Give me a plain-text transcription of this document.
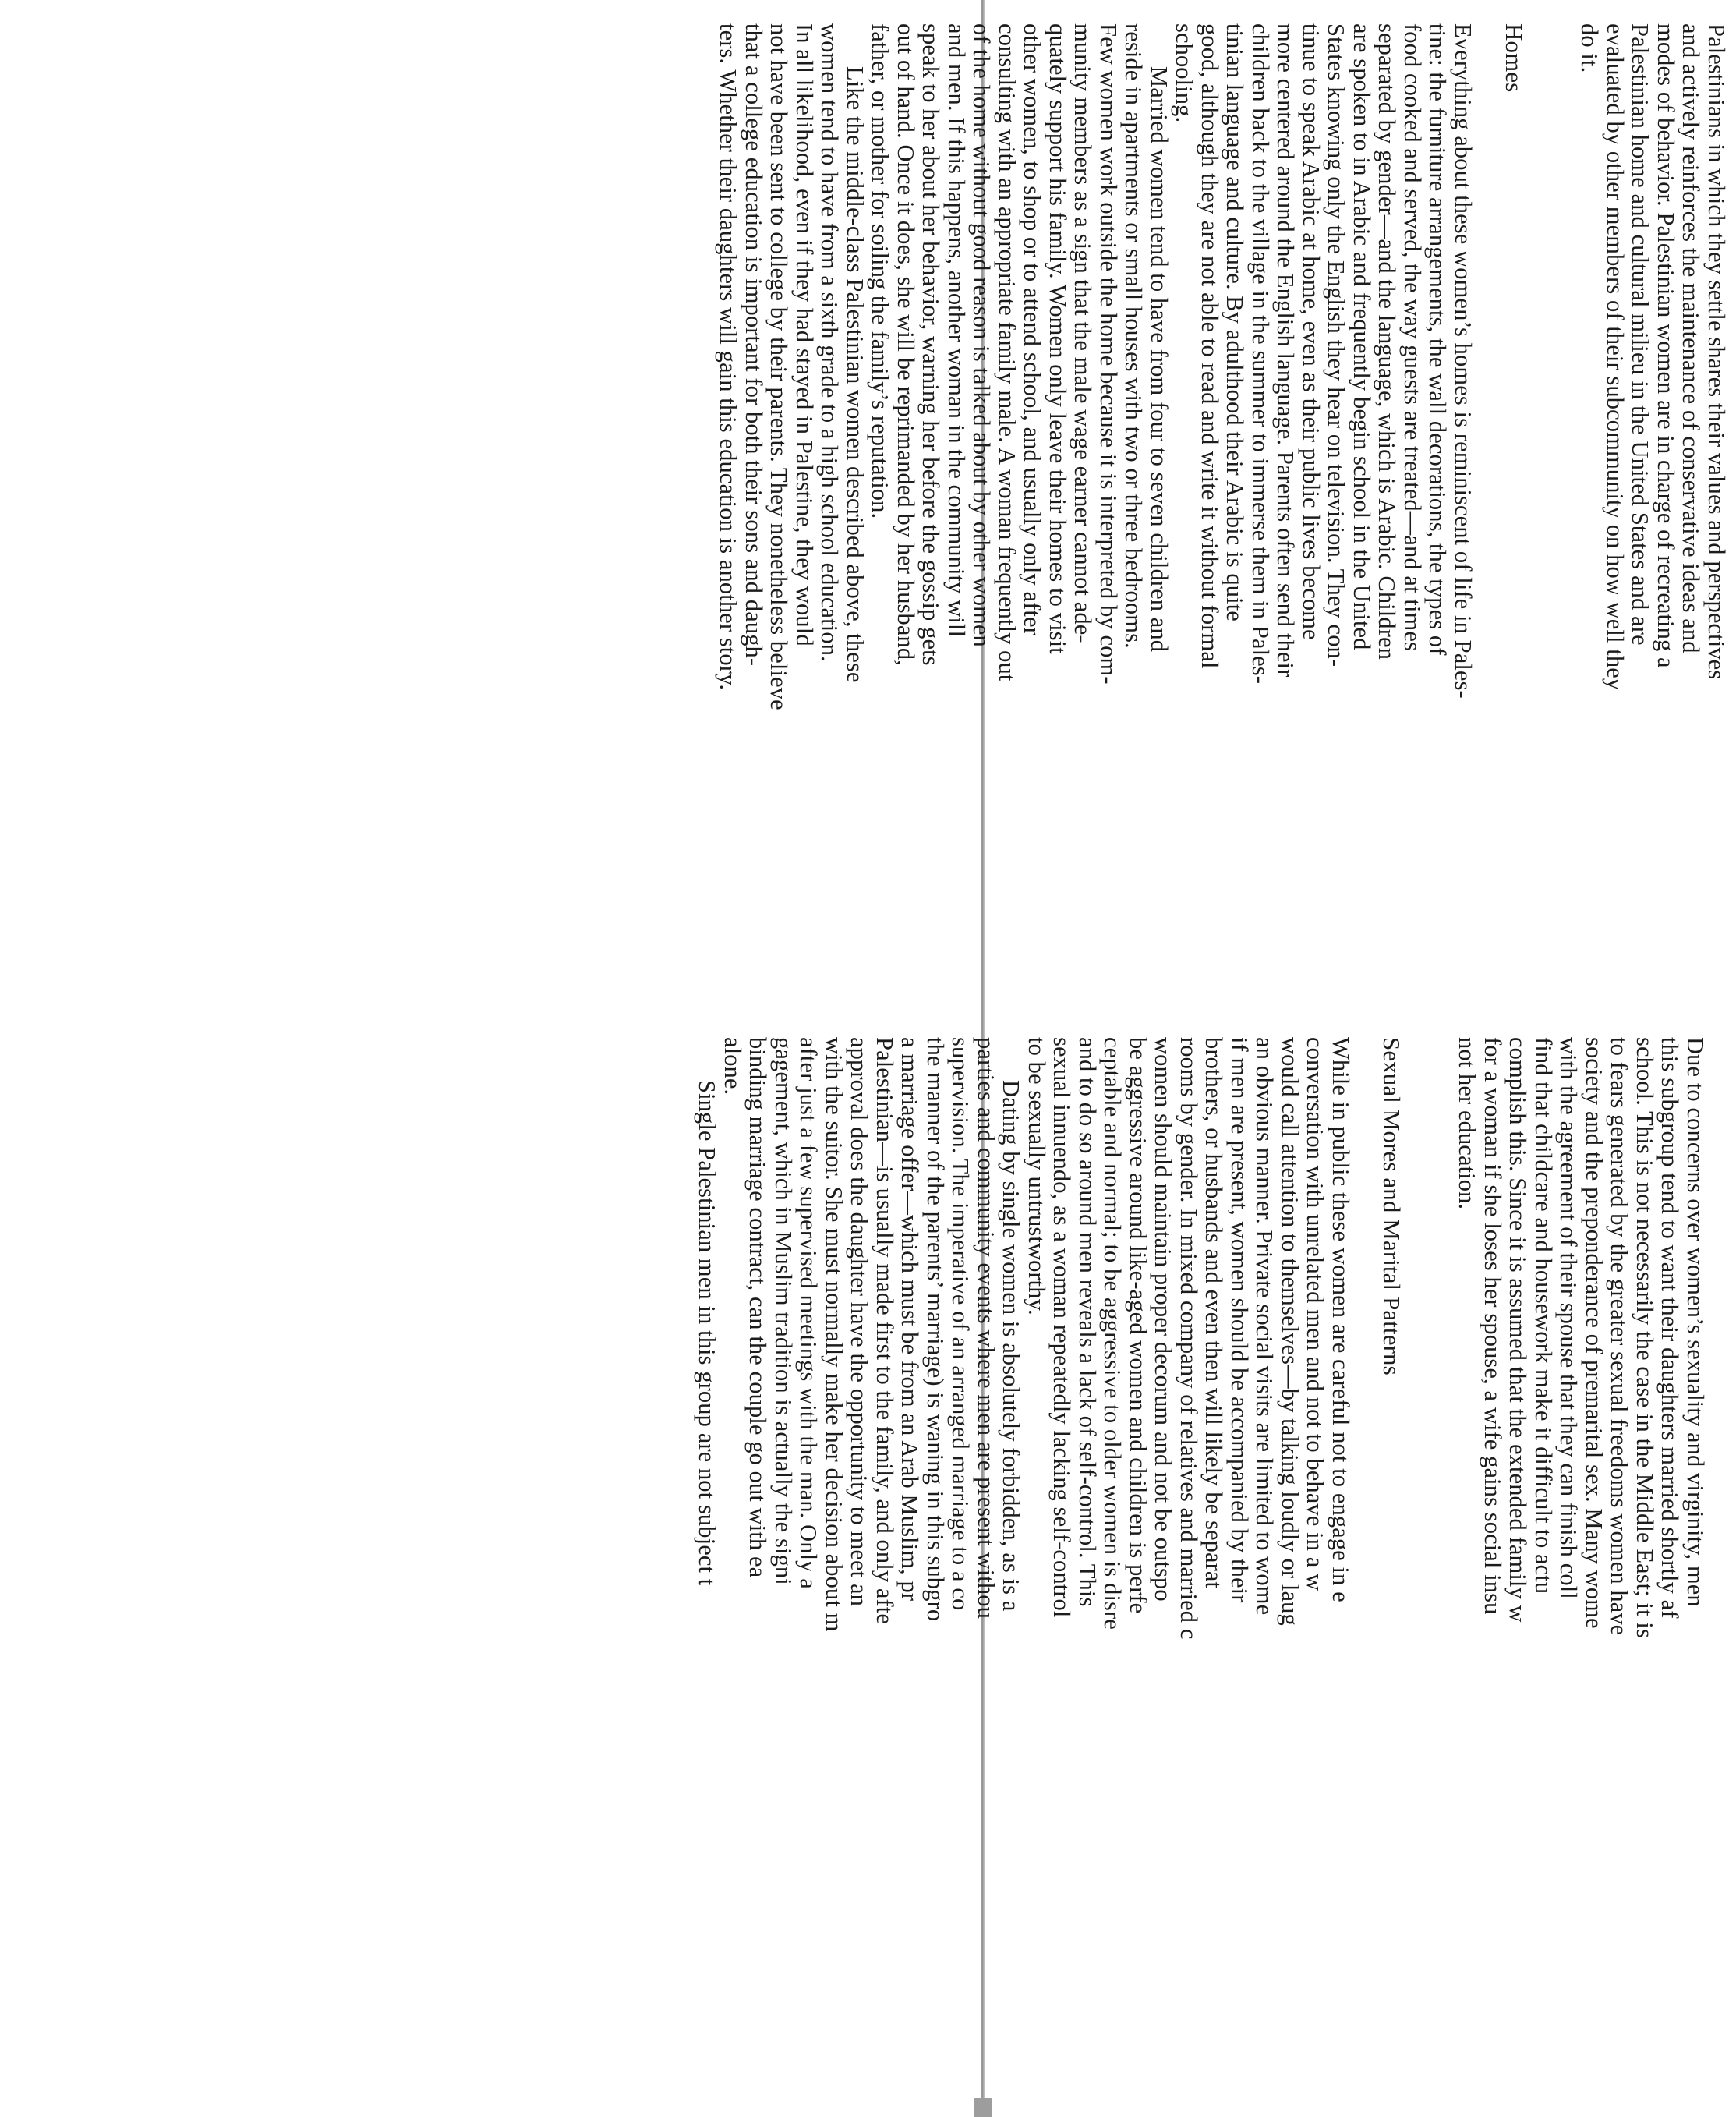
Palestinians in which they settle shares their values and perspectives
and actively reinforces the maintenance of conservative ideas and
modes of behavior. Palestinian women are in charge of recreating a
Palestinian home and cultural milieu in the United States and are
evaluated by other members of their subcommunity on how well they
do it.
Homes
Everything about these women’s homes is reminiscent of life in Pales-
tine: the furniture arrangements, the wall decorations, the types of
food cooked and served, the way guests are treated—and at times
separated by gender—and the language, which is Arabic. Children
are spoken to in Arabic and frequently begin school in the United
States knowing only the English they hear on television. They con-
tinue to speak Arabic at home, even as their public lives become
more centered around the English language. Parents often send their
children back to the village in the summer to immerse them in Pales-
tinian language and culture. By adulthood their Arabic is quite
good, although they are not able to read and write it without formal
schooling.
Married women tend to have from four to seven children and
reside in apartments or small houses with two or three bedrooms.
Few women work outside the home because it is interpreted by com-
munity members as a sign that the male wage earner cannot ade-
quately support his family. Women only leave their homes to visit
other women, to shop or to attend school, and usually only after
consulting with an appropriate family male. A woman frequently out
of the home without good reason is talked about by other women
and men. If this happens, another woman in the community will
speak to her about her behavior, warning her before the gossip gets
out of hand. Once it does, she will be reprimanded by her husband,
father, or mother for soiling the family’s reputation.
Like the middle-class Palestinian women described above, these
women tend to have from a sixth grade to a high school education.
In all likelihood, even if they had stayed in Palestine, they would
not have been sent to college by their parents. They nonetheless believe
that a college education is important for both their sons and daugh-
ters. Whether their daughters will gain this education is another story.
Due to concerns over women’s sexuality and virginity, men
this subgroup tend to want their daughters married shortly af
school. This is not necessarily the case in the Middle East; it is
to fears generated by the greater sexual freedoms women have
society and the preponderance of premarital sex. Many wome
with the agreement of their spouse that they can finish coll
find that childcare and housework make it difficult to actu
complish this. Since it is assumed that the extended family w
for a woman if she loses her spouse, a wife gains social insu
not her education.
Sexual Mores and Marital Patterns
While in public these women are careful not to engage in e
conversation with unrelated men and not to behave in a w
would call attention to themselves—by talking loudly or laug
an obvious manner. Private social visits are limited to wome
if men are present, women should be accompanied by their
brothers, or husbands and even then will likely be separat
rooms by gender. In mixed company of relatives and married c
women should maintain proper decorum and not be outspo
be aggressive around like-aged women and children is perfe
ceptable and normal; to be aggressive to older women is disre
and to do so around men reveals a lack of self-control. This
sexual innuendo, as a woman repeatedly lacking self-control
to be sexually untrustworthy.
Dating by single women is absolutely forbidden, as is a
parties and community events where men are present withou
supervision. The imperative of an arranged marriage to a co
the manner of the parents’ marriage) is waning in this subgro
a marriage offer—which must be from an Arab Muslim, pr
Palestinian—is usually made first to the family, and only afte
approval does the daughter have the opportunity to meet an
with the suitor. She must normally make her decision about m
after just a few supervised meetings with the man. Only a
gagement, which in Muslim tradition is actually the signi
binding marriage contract, can the couple go out with ea
alone.
Single Palestinian men in this group are not subject t
